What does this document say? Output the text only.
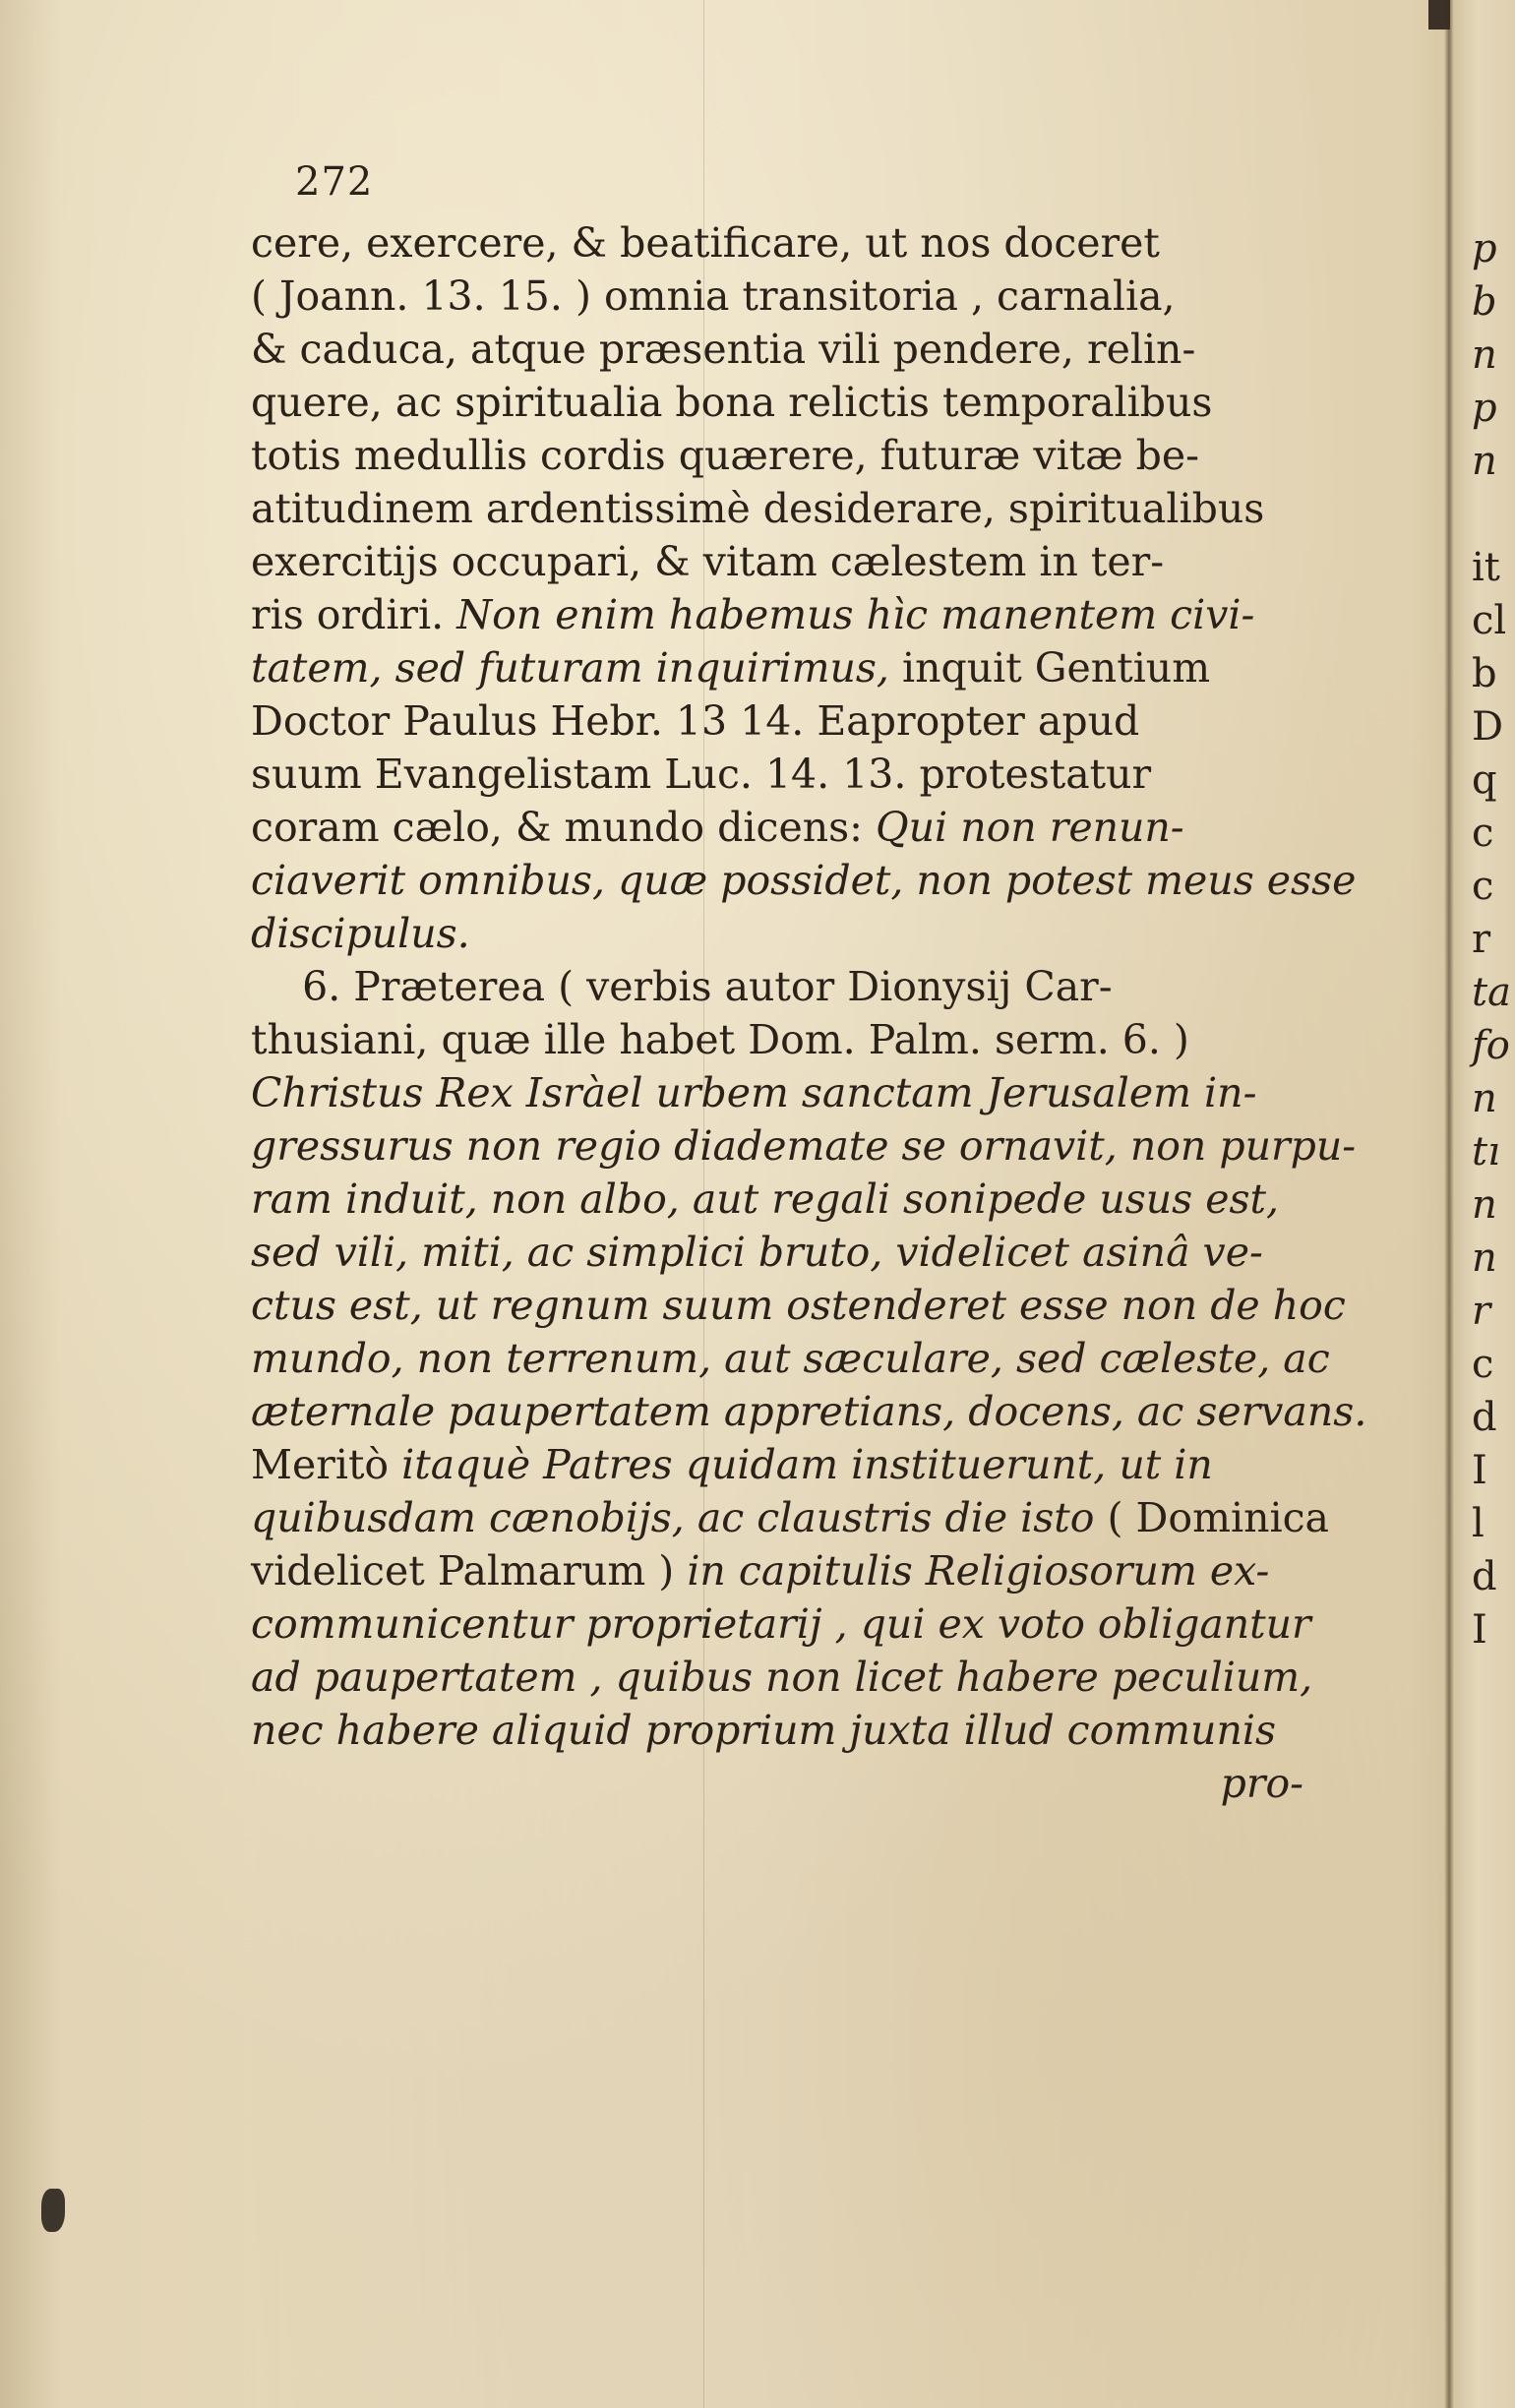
272
cere, exercere, & beatificare, ut nos doceret
( Joann. 13. 15. ) omnia transitoria , carnalia,
& caduca, atque præsentia vili pendere, relin-
quere, ac spiritualia bona relictis temporalibus
totis medullis cordis quærere, futuræ vitæ be-
atitudinem ardentissimè desiderare, spiritualibus
exercitijs occupari, & vitam cælestem in ter-
ris ordiri. Non enim habemus hìc manentem civi-
tatem, sed futuram inquirimus, inquit Gentium
Doctor Paulus Hebr. 13 14. Eapropter apud
suum Evangelistam Luc. 14. 13. protestatur
coram cælo, & mundo dicens: Qui non renun-
ciaverit omnibus, quæ possidet, non potest meus esse
discipulus.
6. Præterea ( verbis autor Dionysij Car-
thusiani, quæ ille habet Dom. Palm. serm. 6. )
Christus Rex Isràel urbem sanctam Jerusalem in-
gressurus non regio diademate se ornavit, non purpu-
ram induit, non albo, aut regali sonipede usus est,
sed vili, miti, ac simplici bruto, videlicet asinâ ve-
ctus est, ut regnum suum ostenderet esse non de hoc
mundo, non terrenum, aut sæculare, sed cæleste, ac
æternale paupertatem appretians, docens, ac servans.
Meritò itaquè Patres quidam instituerunt, ut in
quibusdam cænobijs, ac claustris die isto ( Dominica
videlicet Palmarum ) in capitulis Religiosorum ex-
communicentur proprietarij , qui ex voto obligantur
ad paupertatem , quibus non licet habere peculium,
nec habere aliquid proprium juxta illud communis
pro-
p
b
n
p
n
it
cl
b
D
q
c
c
r
ta
fo
n
tı
n
n
r
c
d
I
l
d
I
